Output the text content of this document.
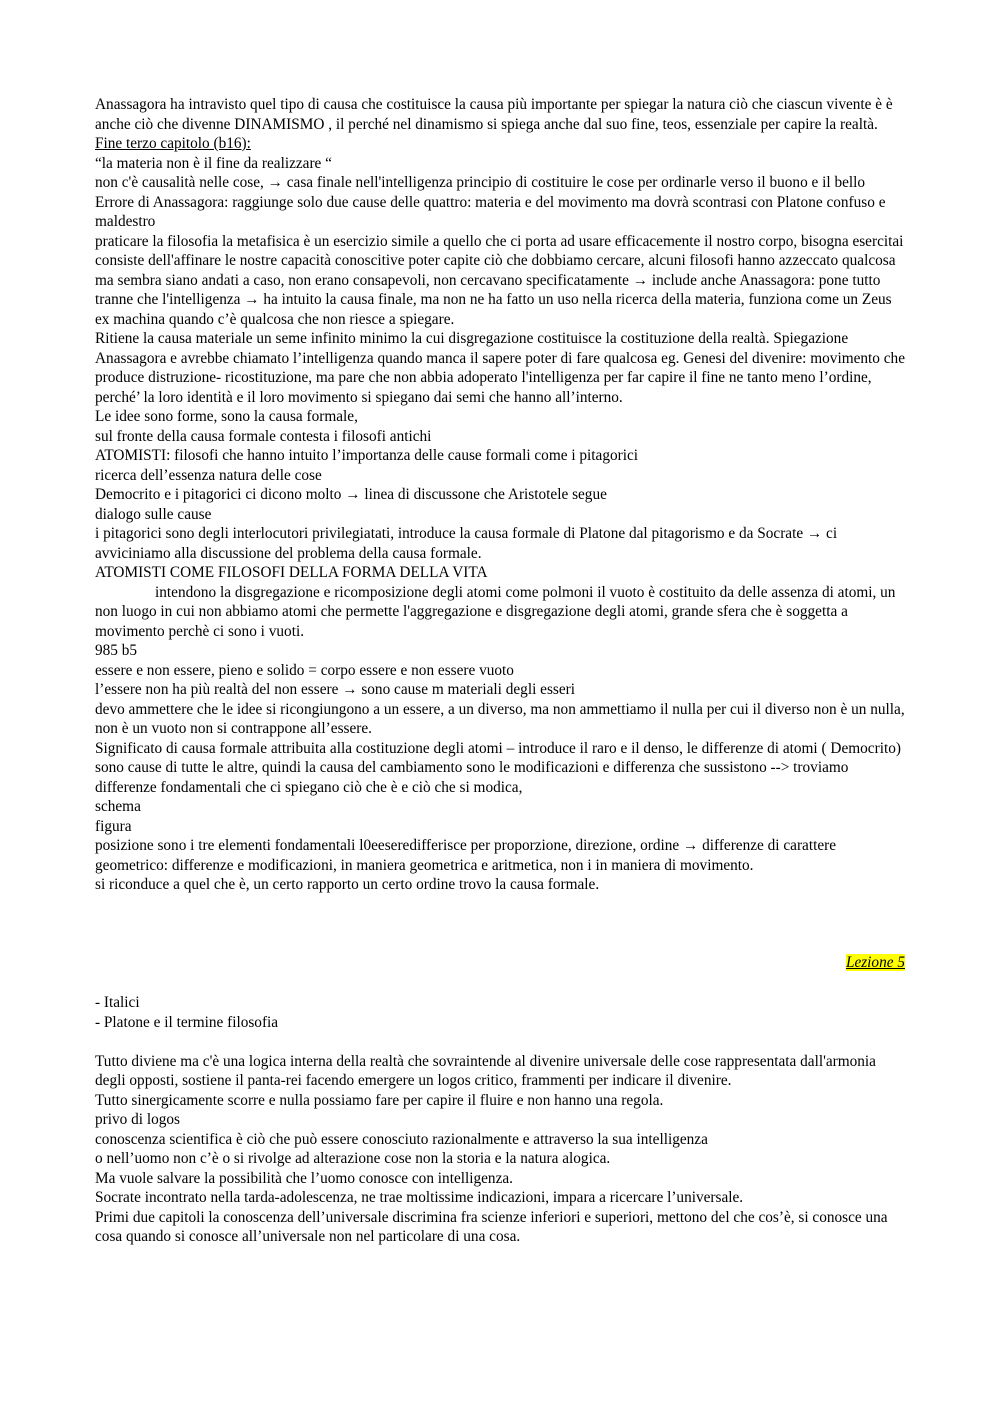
Anassagora ha intravisto quel tipo di causa che costituisce la causa più importante per spiegar la natura ciò che ciascun vivente è è anche ciò che divenne DINAMISMO , il perché nel dinamismo si spiega anche dal suo fine, teos, essenziale per capire la realtà.

Fine terzo capitolo (b16):

“la materia non è il fine da realizzare “

non c'è causalità nelle cose, → casa finale nell'intelligenza principio di costituire le cose per ordinarle verso il buono e il bello

Errore di Anassagora: raggiunge solo due cause delle quattro: materia e del movimento ma dovrà scontrasi con Platone confuso e maldestro

praticare la filosofia la metafisica è un esercizio simile a quello che ci porta ad usare efficacemente il nostro corpo, bisogna esercitai consiste dell'affinare le nostre capacità conoscitive poter capite ciò che dobbiamo cercare, alcuni filosofi hanno azzeccato qualcosa ma sembra siano andati a caso, non erano consapevoli, non cercavano specificatamente → include anche Anassagora: pone tutto tranne che l'intelligenza → ha intuito la causa finale, ma non ne ha fatto un uso nella ricerca della materia, funziona come un Zeus ex machina quando c’è qualcosa che non riesce a spiegare.

Ritiene la causa materiale un seme infinito minimo la cui disgregazione costituisce la costituzione della realtà. Spiegazione Anassagora e avrebbe chiamato l’intelligenza quando manca il sapere poter di fare qualcosa eg. Genesi del divenire: movimento che produce distruzione- ricostituzione, ma pare che non abbia adoperato l'intelligenza per far capire il fine ne tanto meno l’ordine, perché’ la loro identità e il loro movimento si spiegano dai semi che hanno all’interno.

Le idee sono forme, sono la causa formale,

sul fronte della causa formale contesta i filosofi antichi

ATOMISTI: filosofi che hanno intuito l’importanza delle cause formali come i pitagorici

ricerca dell’essenza natura delle cose

Democrito e i pitagorici ci dicono molto → linea di discussone che Aristotele segue

dialogo sulle cause

i pitagorici sono degli interlocutori privilegiatati, introduce la causa formale di Platone dal pitagorismo e da Socrate → ci avviciniamo alla discussione del problema della causa formale.

ATOMISTI COME FILOSOFI DELLA FORMA DELLA VITA

intendono la disgregazione e ricomposizione degli atomi come polmoni il vuoto è costituito da delle assenza di atomi, un non luogo in cui non abbiamo atomi che permette l'aggregazione e disgregazione degli atomi, grande sfera che è soggetta a movimento perchè ci sono i vuoti.

985 b5

essere e non essere, pieno e solido = corpo essere e non essere vuoto

l’essere non ha più realtà del non essere → sono cause m materiali degli esseri

devo ammettere che le idee si ricongiungono a un essere, a un diverso, ma non ammettiamo il nulla per cui il diverso non è un nulla, non è un vuoto non si contrappone all’essere.

Significato di causa formale attribuita alla costituzione degli atomi – introduce il raro e il denso, le differenze di atomi ( Democrito) sono cause di tutte le altre, quindi la causa del cambiamento sono le modificazioni e differenza che sussistono --> troviamo differenze fondamentali che ci spiegano ciò che è e ciò che si modica,

schema

figura

posizione sono i tre elementi fondamentali l0eeseredifferisce per proporzione, direzione, ordine → differenze di carattere geometrico: differenze e modificazioni, in maniera geometrica e aritmetica, non i in maniera di movimento.

si riconduce a quel che è, un certo rapporto un certo ordine trovo la causa formale.

Lezione 5

- Italici

- Platone e il termine filosofia

Tutto diviene ma c'è una logica interna della realtà che sovraintende al divenire universale delle cose rappresentata dall'armonia degli opposti, sostiene il panta-rei facendo emergere un logos critico, frammenti per indicare il divenire.

Tutto sinergicamente scorre e nulla possiamo fare per capire il fluire e non hanno una regola.

privo di logos

conoscenza scientifica è ciò che può essere conosciuto razionalmente e attraverso la sua intelligenza

o nell’uomo non c’è o si rivolge ad alterazione cose non la storia e la natura alogica.

Ma vuole salvare la possibilità che l’uomo conosce con intelligenza.

Socrate incontrato nella tarda-adolescenza, ne trae moltissime indicazioni, impara a ricercare l’universale.

Primi due capitoli la conoscenza dell’universale discrimina fra scienze inferiori e superiori, mettono del che cos’è, si conosce una cosa quando si conosce all’universale non nel particolare di una cosa.
